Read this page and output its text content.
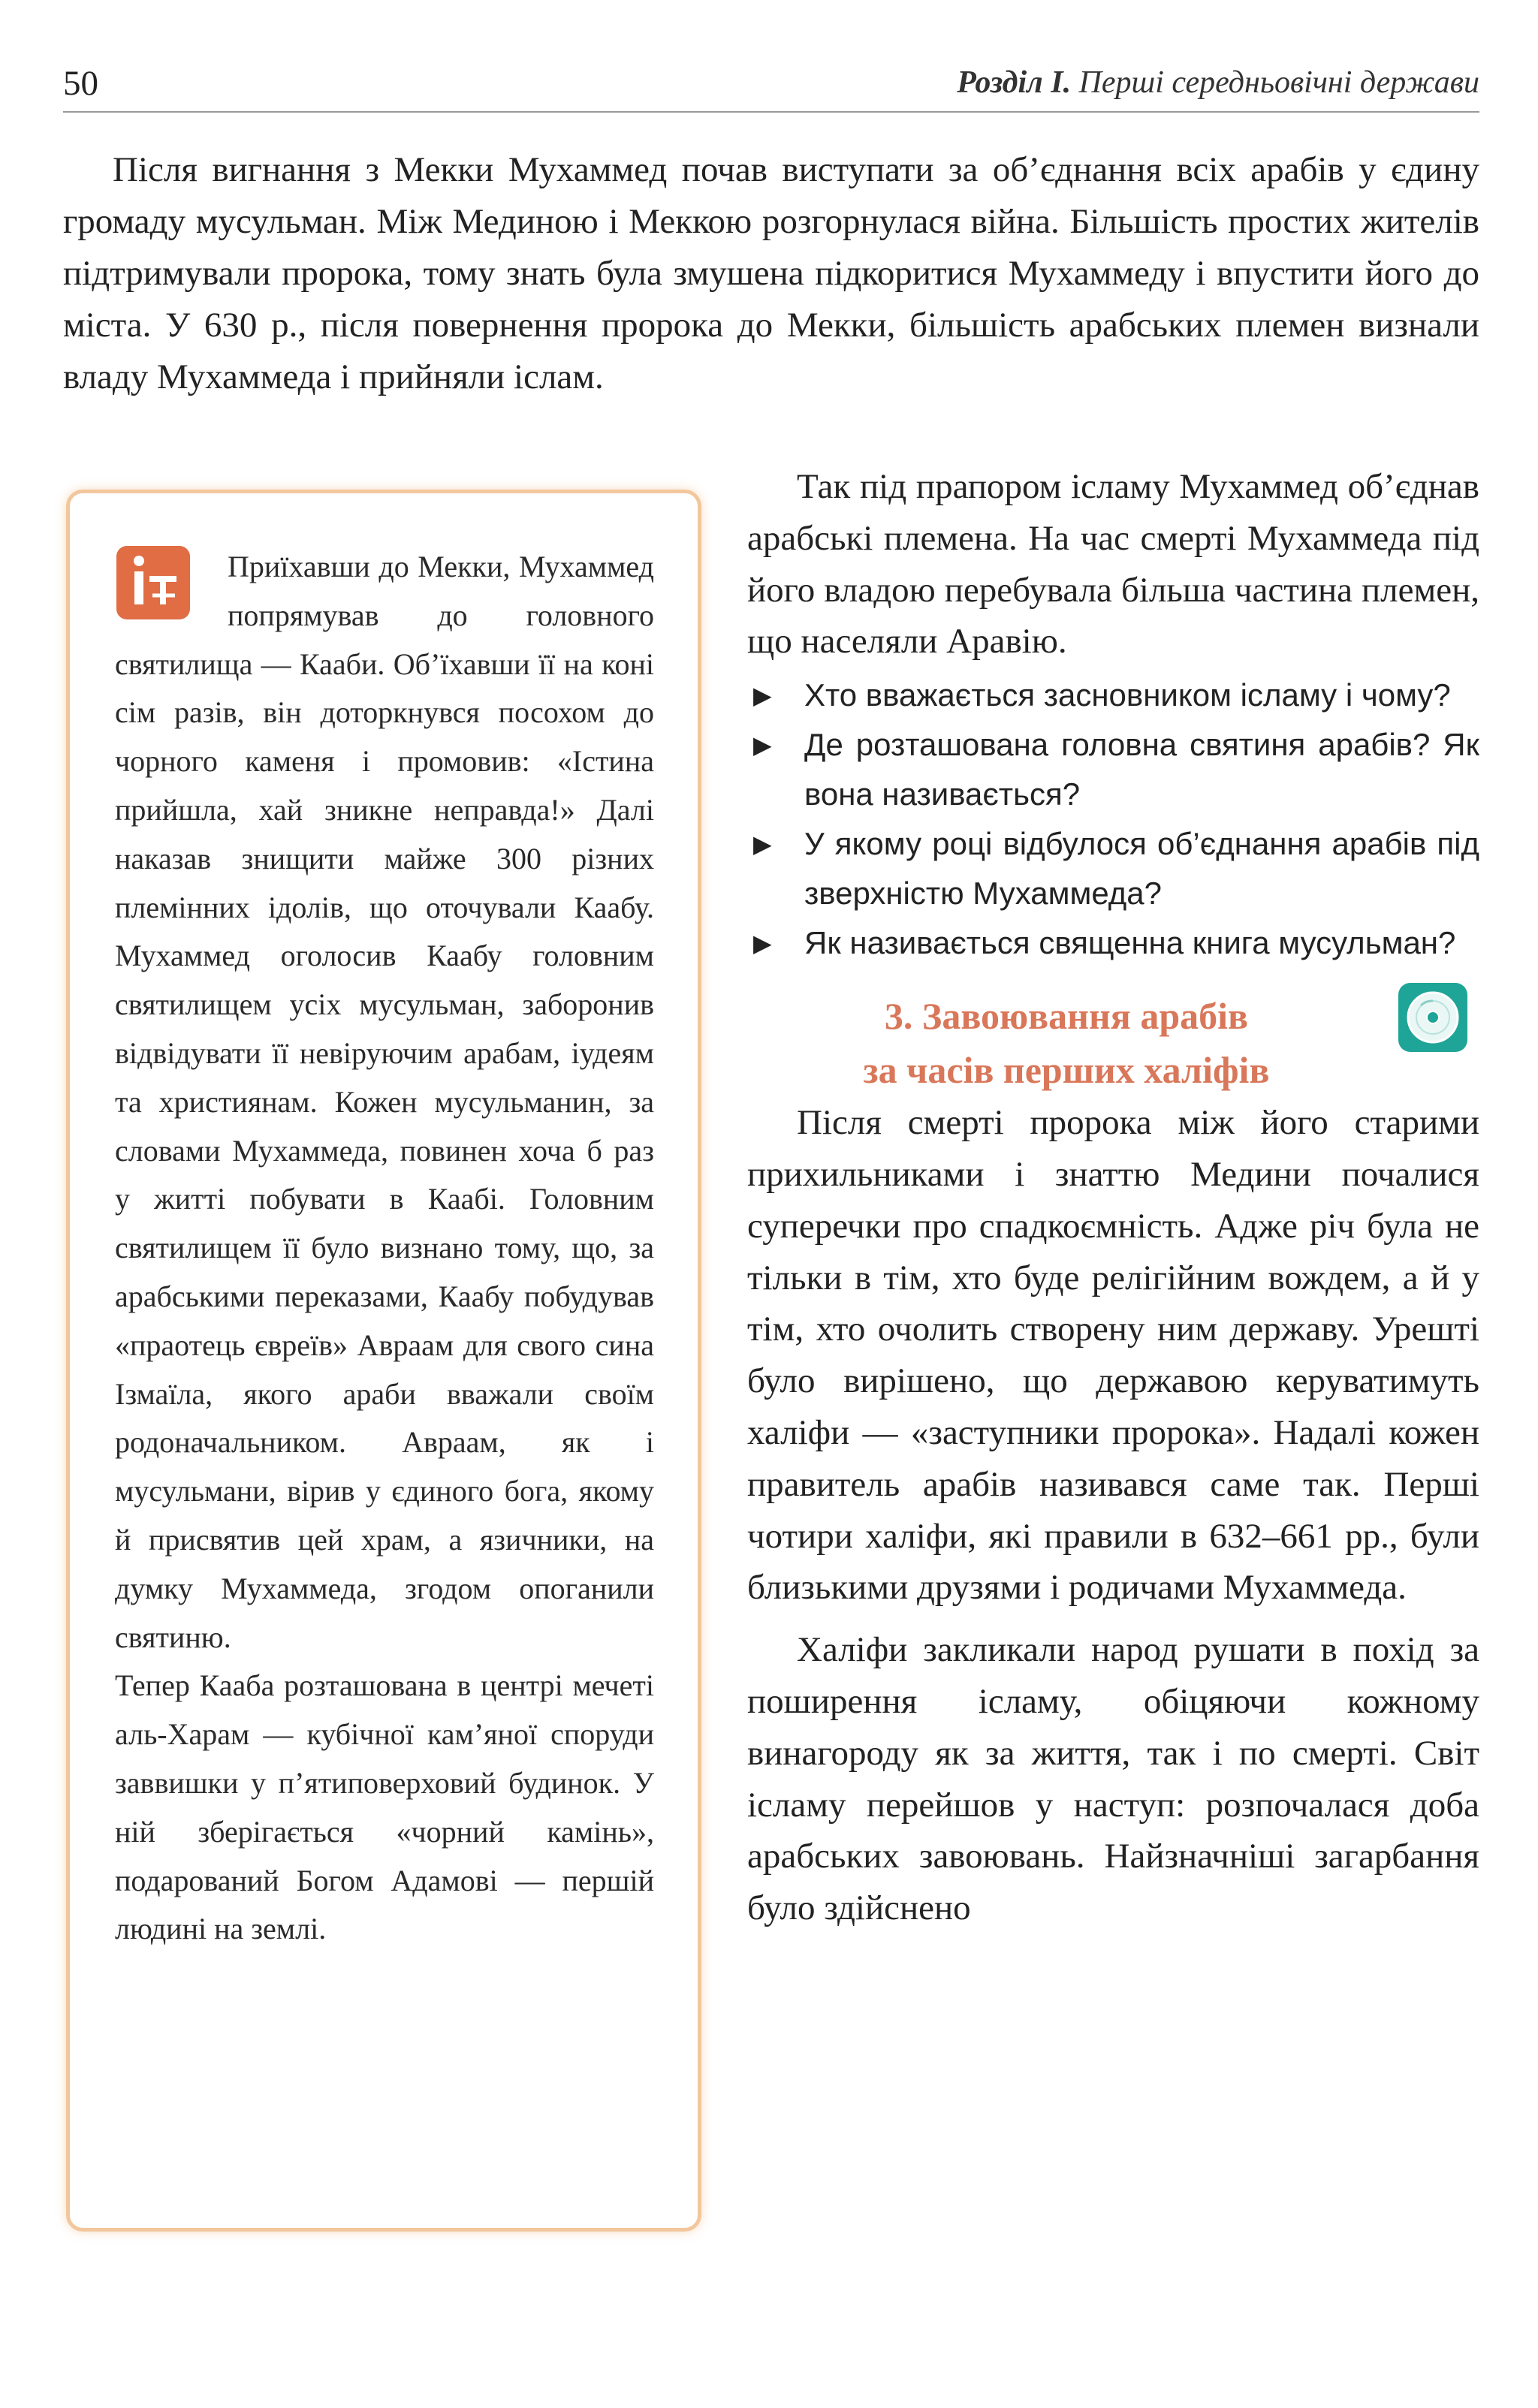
50	Розділ І. Перші середньовічні держави

Після вигнання з Мекки Мухаммед почав виступати за об’єднання всіх арабів у єдину громаду мусульман. Між Мединою і Меккою розгорнулася війна. Більшість простих жителів підтримували пророка, тому знать була змушена підкоритися Мухаммеду і впустити його до міста. У 630 р., після повернення пророка до Мекки, більшість арабських племен визнали владу Мухаммеда і прийняли іслам.

Приїхавши до Мекки, Мухаммед попрямував до головного святилища — Кааби. Об’їхавши її на коні сім разів, він доторкнувся посохом до чорного каменя і промовив: «Істина прийшла, хай зникне неправда!» Далі наказав знищити майже 300 різних племінних ідолів, що оточували Каабу. Мухаммед оголосив Каабу головним святилищем усіх мусульман, заборонив відвідувати її невіруючим арабам, іудеям та християнам. Кожен мусульманин, за словами Мухаммеда, повинен хоча б раз у житті побувати в Каабі. Головним святилищем її було визнано тому, що, за арабськими переказами, Каабу побудував «праотець євреїв» Авраам для свого сина Ізмаїла, якого араби вважали своїм родоначальником. Авраам, як і мусульмани, вірив у єдиного бога, якому й присвятив цей храм, а язичники, на думку Мухаммеда, згодом опоганили святиню.

Тепер Кааба розташована в центрі мечеті аль-Харам — кубічної кам’яної споруди заввишки у п’ятиповерховий будинок. У ній зберігається «чорний камінь», подарований Богом Адамові — першій людині на землі.

Так під прапором ісламу Мухаммед об’єднав арабські племена. На час смерті Мухаммеда під його владою перебувала більша частина племен, що населяли Аравію.

▶ Хто вважається засновником ісламу і чому?
▶ Де розташована головна святиня арабів? Як вона називається?
▶ У якому році відбулося об’єднання арабів під зверхністю Мухаммеда?
▶ Як називається священна книга мусульман?
3. Завоювання арабів
за часів перших халіфів

Після смерті пророка між його старими прихильниками і знаттю Медини почалися суперечки про спадкоємність. Адже річ була не тільки в тім, хто буде релігійним вождем, а й у тім, хто очолить створену ним державу. Урешті було вирішено, що державою керуватимуть халіфи — «заступники пророка». Надалі кожен правитель арабів називався саме так. Перші чотири халіфи, які правили в 632–661 рр., були близькими друзями і родичами Мухаммеда.

Халіфи закликали народ рушати в похід за поширення ісламу, обіцяючи кожному винагороду як за життя, так і по смерті. Світ ісламу перейшов у наступ: розпочалася доба арабських завоювань. Найзначніші загарбання було здійснено
